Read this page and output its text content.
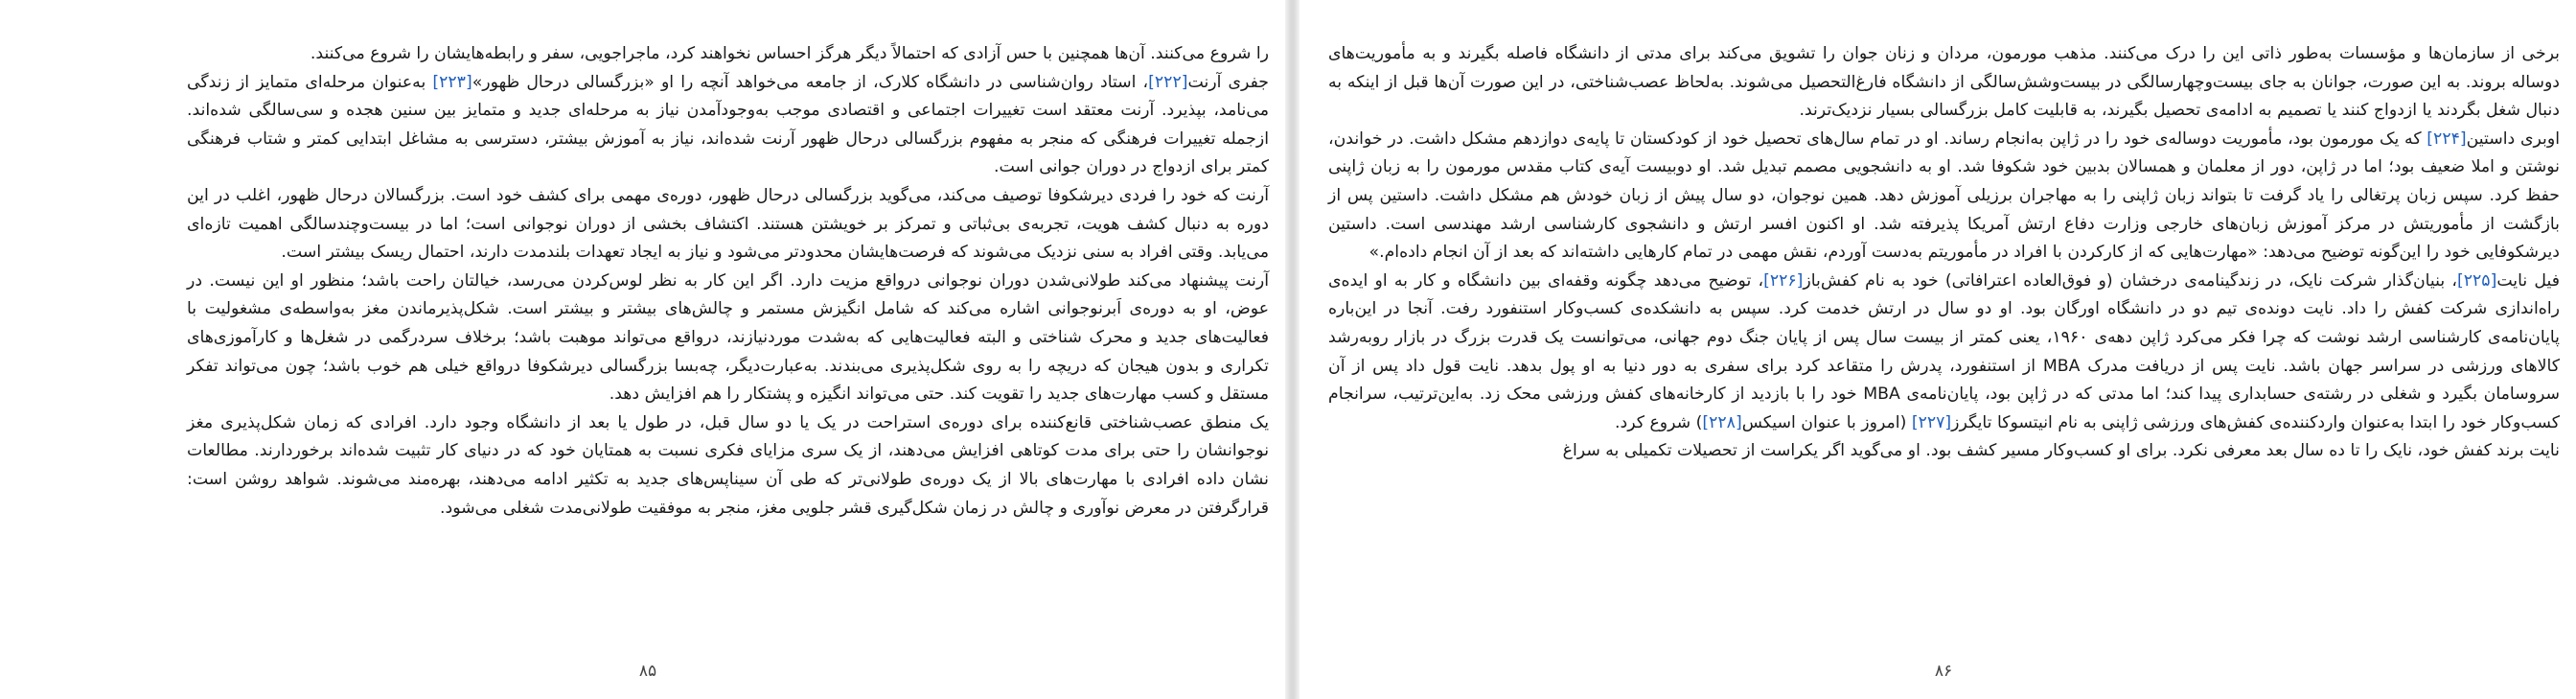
را شروع می‌کنند. آن‌ها همچنین با حس آزادی که احتمالاً دیگر هرگز احساس نخواهند کرد، ماجراجویی، سفر و رابطه‌هایشان را شروع می‌کنند.

جفری آرنت[۲۲۲]، استاد روان‌شناسی در دانشگاه کلارک، از جامعه می‌خواهد آنچه را او «بزرگسالی درحال ظهور»[۲۲۳] به‌عنوان مرحله‌ای متمایز از زندگی می‌نامد، بپذیرد. آرنت معتقد است تغییرات اجتماعی و اقتصادی موجب به‌وجودآمدن نیاز به مرحله‌ای جدید و متمایز بین سنین هجده و سی‌سالگی شده‌اند. ازجمله تغییرات فرهنگی که منجر به مفهوم بزرگسالی درحال ظهور آرنت شده‌اند، نیاز به آموزش بیشتر، دسترسی به مشاغل ابتدایی کمتر و شتاب فرهنگی کمتر برای ازدواج در دوران جوانی است.

آرنت که خود را فردی دیرشکوفا توصیف می‌کند، می‌گوید بزرگسالی درحال ظهور، دوره‌ی مهمی برای کشف خود است. بزرگسالان درحال ظهور، اغلب در این دوره به دنبال کشف هویت، تجربه‌ی بی‌ثباتی و تمرکز بر خویشتن هستند. اکتشاف بخشی از دوران نوجوانی است؛ اما در بیست‌وچندسالگی اهمیت تازه‌ای می‌یابد. وقتی افراد به سنی نزدیک می‌شوند که فرصت‌هایشان محدودتر می‌شود و نیاز به ایجاد تعهدات بلندمدت دارند، احتمال ریسک بیشتر است.

آرنت پیشنهاد می‌کند طولانی‌شدن دوران نوجوانی درواقع مزیت دارد. اگر این کار به نظر لوس‌کردن می‌رسد، خیالتان راحت باشد؛ منظور او این نیست. در عوض، او به دوره‌ی اَبرنوجوانی اشاره می‌کند که شامل انگیزش مستمر و چالش‌های بیشتر و بیشتر است. شکل‌پذیرماندن مغز به‌واسطه‌ی مشغولیت با فعالیت‌های جدید و محرک شناختی و البته فعالیت‌هایی که به‌شدت موردنیازند، درواقع می‌تواند موهبت باشد؛ برخلاف سردرگمی در شغل‌ها و کارآموزی‌های تکراری و بدون هیجان که دریچه را به روی شکل‌پذیری می‌بندند. به‌عبارت‌دیگر، چه‌بسا بزرگسالی دیرشکوفا درواقع خیلی هم خوب باشد؛ چون می‌تواند تفکر مستقل و کسب مهارت‌های جدید را تقویت کند. حتی می‌تواند انگیزه و پشتکار را هم افزایش دهد.

یک منطق عصب‌شناختی قانع‌کننده برای دوره‌ی استراحت در یک یا دو سال قبل، در طول یا بعد از دانشگاه وجود دارد. افرادی که زمان شکل‌پذیری مغز نوجوانشان را حتی برای مدت کوتاهی افزایش می‌دهند، از یک سری مزایای فکری نسبت به همتایان خود که در دنیای کار تثبیت شده‌اند برخوردارند. مطالعات نشان داده افرادی با مهارت‌های بالا از یک دوره‌ی طولانی‌تر که طی آن سیناپس‌های جدید به تکثیر ادامه می‌دهند، بهره‌مند می‌شوند. شواهد روشن است: قرارگرفتن در معرض نوآوری و چالش در زمان شکل‌گیری قشر جلویی مغز، منجر به موفقیت طولانی‌مدت شغلی می‌شود.

۸۵

برخی از سازمان‌ها و مؤسسات به‌طور ذاتی این را درک می‌کنند. مذهب مورمون، مردان و زنان جوان را تشویق می‌کند برای مدتی از دانشگاه فاصله بگیرند و به مأموریت‌های دوساله بروند. به این صورت، جوانان به جای بیست‌وچهارسالگی در بیست‌وشش‌سالگی از دانشگاه فارغ‌التحصیل می‌شوند. به‌لحاظ عصب‌شناختی، در این صورت آن‌ها قبل از اینکه به دنبال شغل بگردند یا ازدواج کنند یا تصمیم به ادامه‌ی تحصیل بگیرند، به قابلیت کامل بزرگسالی بسیار نزدیک‌ترند.

اوبری داستین[۲۲۴] که یک مورمون بود، مأموریت دوساله‌ی خود را در ژاپن به‌انجام رساند. او در تمام سال‌های تحصیل خود از کودکستان تا پایه‌ی دوازدهم مشکل داشت. در خواندن، نوشتن و املا ضعیف بود؛ اما در ژاپن، دور از معلمان و همسالان بدبین خود شکوفا شد. او به دانشجویی مصمم تبدیل شد. او دوبیست آیه‌ی کتاب مقدس مورمون را به زبان ژاپنی حفظ کرد. سپس زبان پرتغالی را یاد گرفت تا بتواند زبان ژاپنی را به مهاجران برزیلی آموزش دهد. همین نوجوان، دو سال پیش از زبان خودش هم مشکل داشت. داستین پس از بازگشت از مأموریتش در مرکز آموزش زبان‌های خارجی وزارت دفاع ارتش آمریکا پذیرفته شد. او اکنون افسر ارتش و دانشجوی کارشناسی ارشد مهندسی است. داستین دیرشکوفایی خود را این‌گونه توضیح می‌دهد: «مهارت‌هایی که از کارکردن با افراد در مأموریتم به‌دست آوردم، نقش مهمی در تمام کارهایی داشته‌اند که بعد از آن انجام داده‌ام.»

فیل نایت[۲۲۵]، بنیان‌گذار شرکت نایک، در زندگینامه‌ی درخشان (و فوق‌العاده اعترافاتی) خود به نام کفش‌باز[۲۲۶]، توضیح می‌دهد چگونه وقفه‌ای بین دانشگاه و کار به او ایده‌ی راه‌اندازی شرکت کفش را داد. نایت دونده‌ی تیم دو در دانشگاه اورگان بود. او دو سال در ارتش خدمت کرد. سپس به دانشکده‌ی کسب‌وکار استنفورد رفت. آنجا در این‌باره پایان‌نامه‌ی کارشناسی ارشد نوشت که چرا فکر می‌کرد ژاپن دهه‌ی ۱۹۶۰، یعنی کمتر از بیست سال پس از پایان جنگ دوم جهانی، می‌توانست یک قدرت بزرگ در بازار روبه‌رشد کالاهای ورزشی در سراسر جهان باشد. نایت پس از دریافت مدرک MBA از استنفورد، پدرش را متقاعد کرد برای سفری به دور دنیا به او پول بدهد. نایت قول داد پس از آن سروسامان بگیرد و شغلی در رشته‌ی حسابداری پیدا کند؛ اما مدتی که در ژاپن بود، پایان‌نامه‌ی MBA خود را با بازدید از کارخانه‌های کفش ورزشی محک زد. به‌این‌ترتیب، سرانجام کسب‌وکار خود را ابتدا به‌عنوان واردکننده‌ی کفش‌های ورزشی ژاپنی به نام انیتسوکا تایگرز[۲۲۷] (امروز با عنوان اسیکس[۲۲۸]) شروع کرد.

نایت برند کفش خود، نایک را تا ده سال بعد معرفی نکرد. برای او کسب‌وکار مسیر کشف بود. او می‌گوید اگر یکراست از تحصیلات تکمیلی به سراغ

۸۶
